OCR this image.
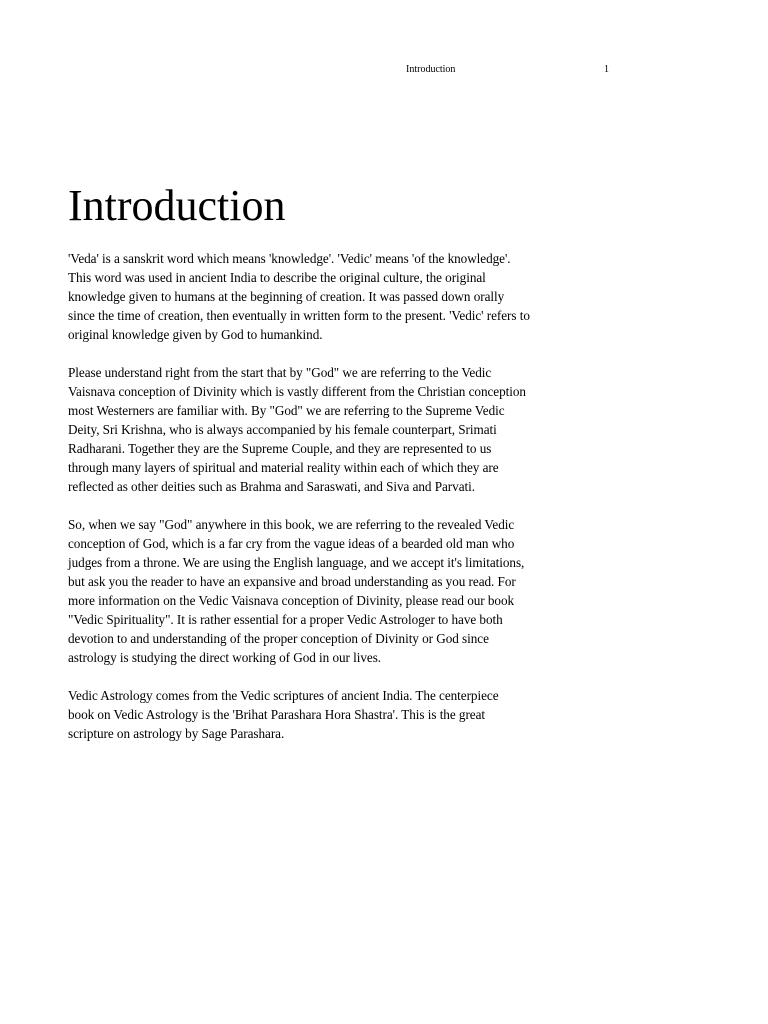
Introduction	1
Introduction

'Veda' is a sanskrit word which means 'knowledge'. 'Vedic' means 'of the knowledge'.
This word was used in ancient India to describe the original culture, the original
knowledge given to humans at the beginning of creation. It was passed down orally
since the time of creation, then eventually in written form to the present. 'Vedic' refers to
original knowledge given by God to humankind.

Please understand right from the start that by "God" we are referring to the Vedic
Vaisnava conception of Divinity which is vastly different from the Christian conception
most Westerners are familiar with. By "God" we are referring to the Supreme Vedic
Deity, Sri Krishna, who is always accompanied by his female counterpart, Srimati
Radharani. Together they are the Supreme Couple, and they are represented to us
through many layers of spiritual and material reality within each of which they are
reflected as other deities such as Brahma and Saraswati, and Siva and Parvati.

So, when we say "God" anywhere in this book, we are referring to the revealed Vedic
conception of God, which is a far cry from the vague ideas of a bearded old man who
judges from a throne. We are using the English language, and we accept it's limitations,
but ask you the reader to have an expansive and broad understanding as you read. For
more information on the Vedic Vaisnava conception of Divinity, please read our book
"Vedic Spirituality". It is rather essential for a proper Vedic Astrologer to have both
devotion to and understanding of the proper conception of Divinity or God since
astrology is studying the direct working of God in our lives.

Vedic Astrology comes from the Vedic scriptures of ancient India. The centerpiece
book on Vedic Astrology is the 'Brihat Parashara Hora Shastra'. This is the great
scripture on astrology by Sage Parashara.
